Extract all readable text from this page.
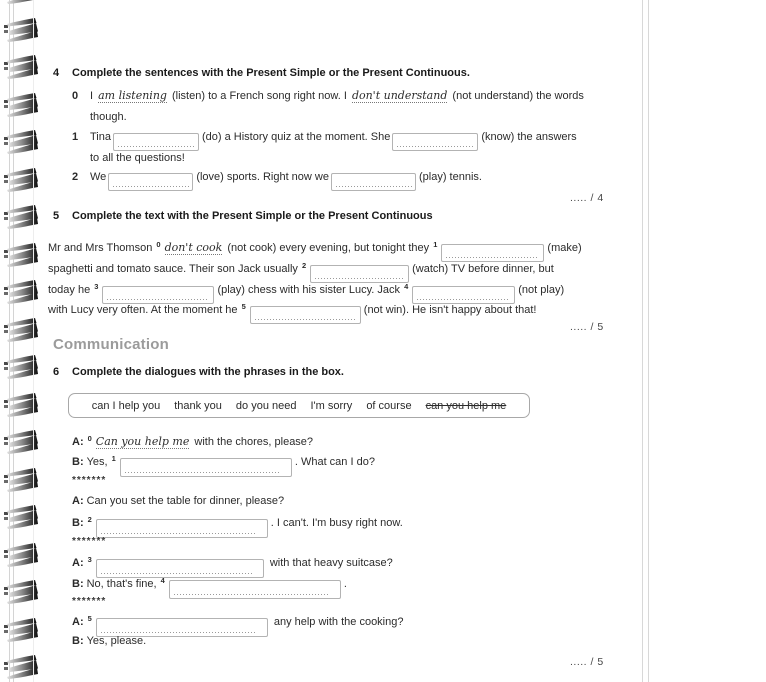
4 Complete the sentences with the Present Simple or the Present Continuous.
0 I am listening (listen) to a French song right now. I don't understand (not understand) the words
though.
1 Tina	(do) a History quiz at the moment. She	(know) the answers
to all the questions!
2 We	(love) sports. Right now we	(play) tennis.
..... / 4
5 Complete the text with the Present Simple or the Present Continuous
Mr and Mrs Thomson $^0$ don't cook (not cook) every evening, but tonight they $^1$	(make)
spaghetti and tomato sauce. Their son Jack usually $^2$	(watch) TV before dinner, but
today he $^3$	(play) chess with his sister Lucy. Jack $^4$	(not play)
with Lucy very often. At the moment he $^5$	(not win). He isn't happy about that!
..... / 5
Communication
6 Complete the dialogues with the phrases in the box.
can I help you thank you do you need I'm sorry of course can you help me
A: $^0$ Can you help me with the chores, please?
B: Yes, $^1$	. What can I do?
*******
A: Can you set the table for dinner, please?
B: $^2$	. I can't. I'm busy right now.
*******
A: $^3$	with that heavy suitcase?
B: No, that's fine, $^4$	.
*******
A: $^5$	any help with the cooking?
B: Yes, please.
..... / 5
